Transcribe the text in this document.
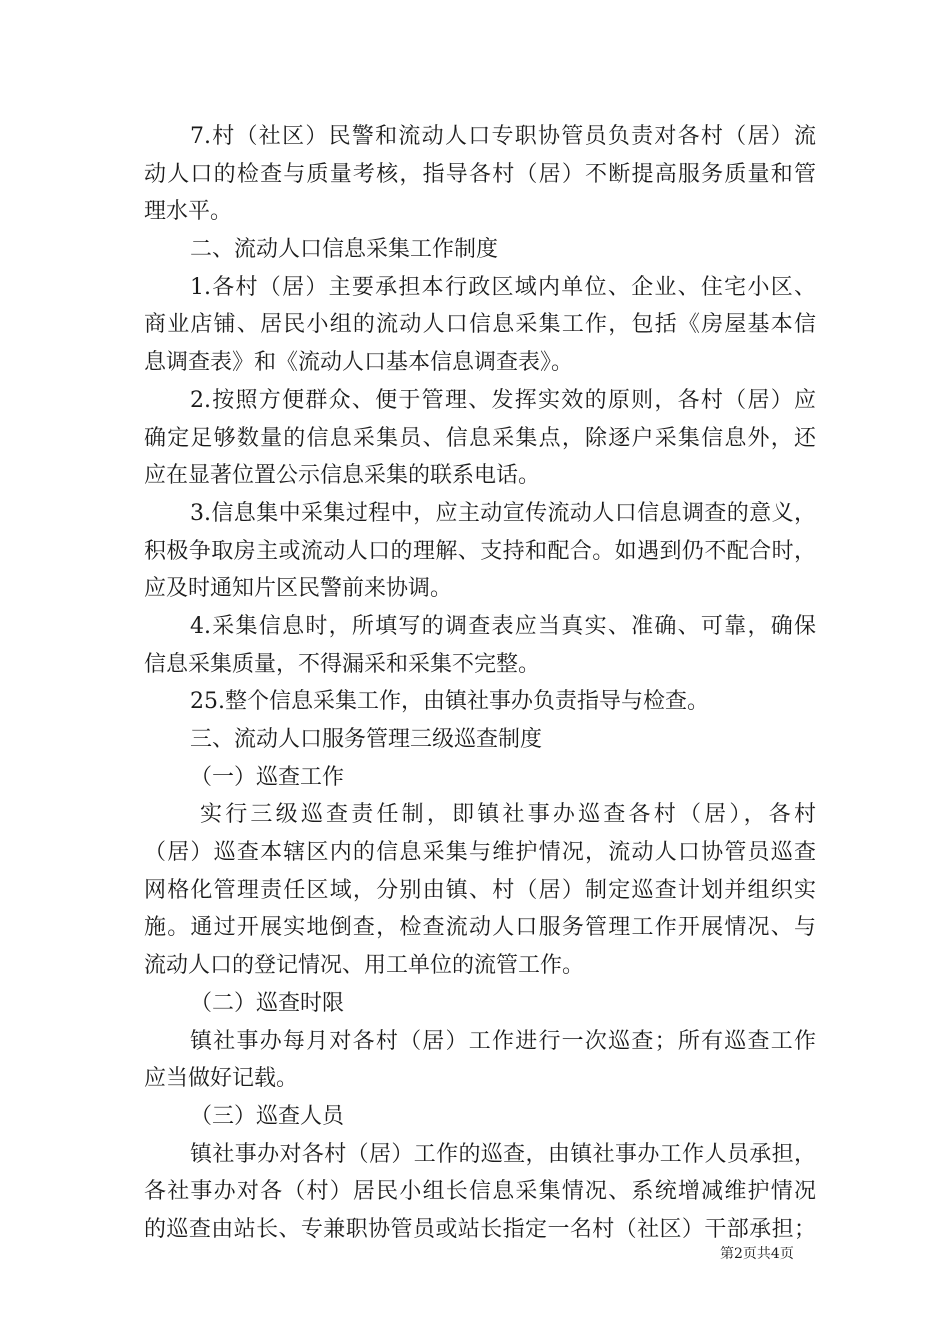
7.村（社区）民警和流动人口专职协管员负责对各村（居）流
动人口的检查与质量考核，指导各村（居）不断提高服务质量和管
理水平。
二、流动人口信息采集工作制度
1.各村（居）主要承担本行政区域内单位、企业、住宅小区、
商业店铺、居民小组的流动人口信息采集工作，包括《房屋基本信
息调查表》和《流动人口基本信息调查表》。
2.按照方便群众、便于管理、发挥实效的原则，各村（居）应
确定足够数量的信息采集员、信息采集点，除逐户采集信息外，还
应在显著位置公示信息采集的联系电话。
3.信息集中采集过程中，应主动宣传流动人口信息调查的意义，
积极争取房主或流动人口的理解、支持和配合。如遇到仍不配合时，
应及时通知片区民警前来协调。
4.采集信息时，所填写的调查表应当真实、准确、可靠，确保
信息采集质量，不得漏采和采集不完整。
25.整个信息采集工作，由镇社事办负责指导与检查。
三、流动人口服务管理三级巡查制度
（一）巡查工作
实行三级巡查责任制，即镇社事办巡查各村（居），各村
（居）巡查本辖区内的信息采集与维护情况，流动人口协管员巡查
网格化管理责任区域，分别由镇、村（居）制定巡查计划并组织实
施。通过开展实地倒查，检查流动人口服务管理工作开展情况、与
流动人口的登记情况、用工单位的流管工作。
（二）巡查时限
镇社事办每月对各村（居）工作进行一次巡查；所有巡查工作
应当做好记载。
（三）巡查人员
镇社事办对各村（居）工作的巡查，由镇社事办工作人员承担，
各社事办对各（村）居民小组长信息采集情况、系统增减维护情况
的巡查由站长、专兼职协管员或站长指定一名村（社区）干部承担；
第2页共4页
